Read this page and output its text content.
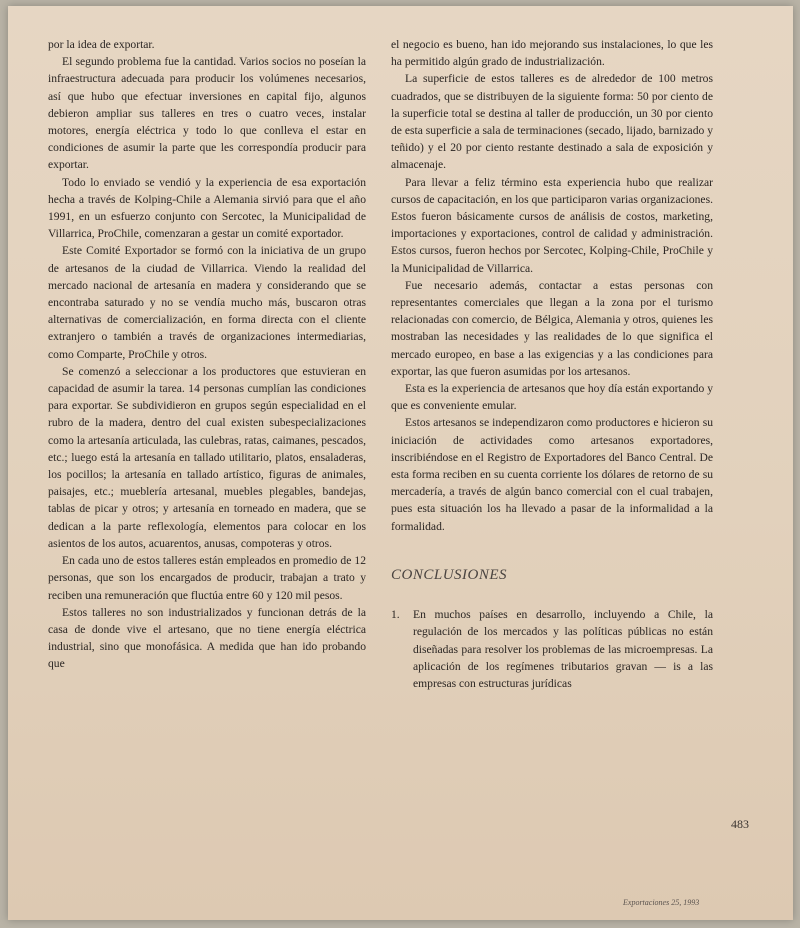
por la idea de exportar.

El segundo problema fue la cantidad. Varios socios no poseían la infraestructura adecuada para producir los volúmenes necesarios, así que hubo que efectuar inversiones en capital fijo, algunos debieron ampliar sus talleres en tres o cuatro veces, instalar motores, energía eléctrica y todo lo que conlleva el estar en condiciones de asumir la parte que les correspondía producir para exportar.

Todo lo enviado se vendió y la experiencia de esa exportación hecha a través de Kolping-Chile a Alemania sirvió para que el año 1991, en un esfuerzo conjunto con Sercotec, la Municipalidad de Villarrica, ProChile, comenzaran a gestar un comité exportador.

Este Comité Exportador se formó con la iniciativa de un grupo de artesanos de la ciudad de Villarrica. Viendo la realidad del mercado nacional de artesanía en madera y considerando que se encontraba saturado y no se vendía mucho más, buscaron otras alternativas de comercialización, en forma directa con el cliente extranjero o también a través de organizaciones intermediarias, como Comparte, ProChile y otros.

Se comenzó a seleccionar a los productores que estuvieran en capacidad de asumir la tarea. 14 personas cumplían las condiciones para exportar. Se subdividieron en grupos según especialidad en el rubro de la madera, dentro del cual existen subespecializaciones como la artesanía articulada, las culebras, ratas, caimanes, pescados, etc.; luego está la artesanía en tallado utilitario, platos, ensaladeras, los pocillos; la artesanía en tallado artístico, figuras de animales, paisajes, etc.; mueblería artesanal, muebles plegables, bandejas, tablas de picar y otros; y artesanía en torneado en madera, que se dedican a la parte reflexología, elementos para colocar en los asientos de los autos, acuarentos, anusas, compoteras y otros.

En cada uno de estos talleres están empleados en promedio de 12 personas, que son los encargados de producir, trabajan a trato y reciben una remuneración que fluctúa entre 60 y 120 mil pesos.

Estos talleres no son industrializados y funcionan detrás de la casa de donde vive el artesano, que no tiene energía eléctrica industrial, sino que monofásica. A medida que han ido probando que

el negocio es bueno, han ido mejorando sus instalaciones, lo que les ha permitido algún grado de industrialización.

La superficie de estos talleres es de alrededor de 100 metros cuadrados, que se distribuyen de la siguiente forma: 50 por ciento de la superficie total se destina al taller de producción, un 30 por ciento de esta superficie a sala de terminaciones (secado, lijado, barnizado y teñido) y el 20 por ciento restante destinado a sala de exposición y almacenaje.

Para llevar a feliz término esta experiencia hubo que realizar cursos de capacitación, en los que participaron varias organizaciones. Estos fueron básicamente cursos de análisis de costos, marketing, importaciones y exportaciones, control de calidad y administración. Estos cursos, fueron hechos por Sercotec, Kolping-Chile, ProChile y la Municipalidad de Villarrica.

Fue necesario además, contactar a estas personas con representantes comerciales que llegan a la zona por el turismo relacionadas con comercio, de Bélgica, Alemania y otros, quienes les mostraban las necesidades y las realidades de lo que significa el mercado europeo, en base a las exigencias y a las condiciones para exportar, las que fueron asumidas por los artesanos.

Esta es la experiencia de artesanos que hoy día están exportando y que es conveniente emular.

Estos artesanos se independizaron como productores e hicieron su iniciación de actividades como artesanos exportadores, inscribiéndose en el Registro de Exportadores del Banco Central. De esta forma reciben en su cuenta corriente los dólares de retorno de su mercadería, a través de algún banco comercial con el cual trabajen, pues esta situación los ha llevado a pasar de la informalidad a la formalidad.

CONCLUSIONES
1.	En muchos países en desarrollo, incluyendo a Chile, la regulación de los mercados y las políticas públicas no están diseñadas para resolver los problemas de las microempresas. La aplicación de los regímenes tributarios gravan — is a las empresas con estructuras jurídicas
483
Exportaciones 25, 1993
